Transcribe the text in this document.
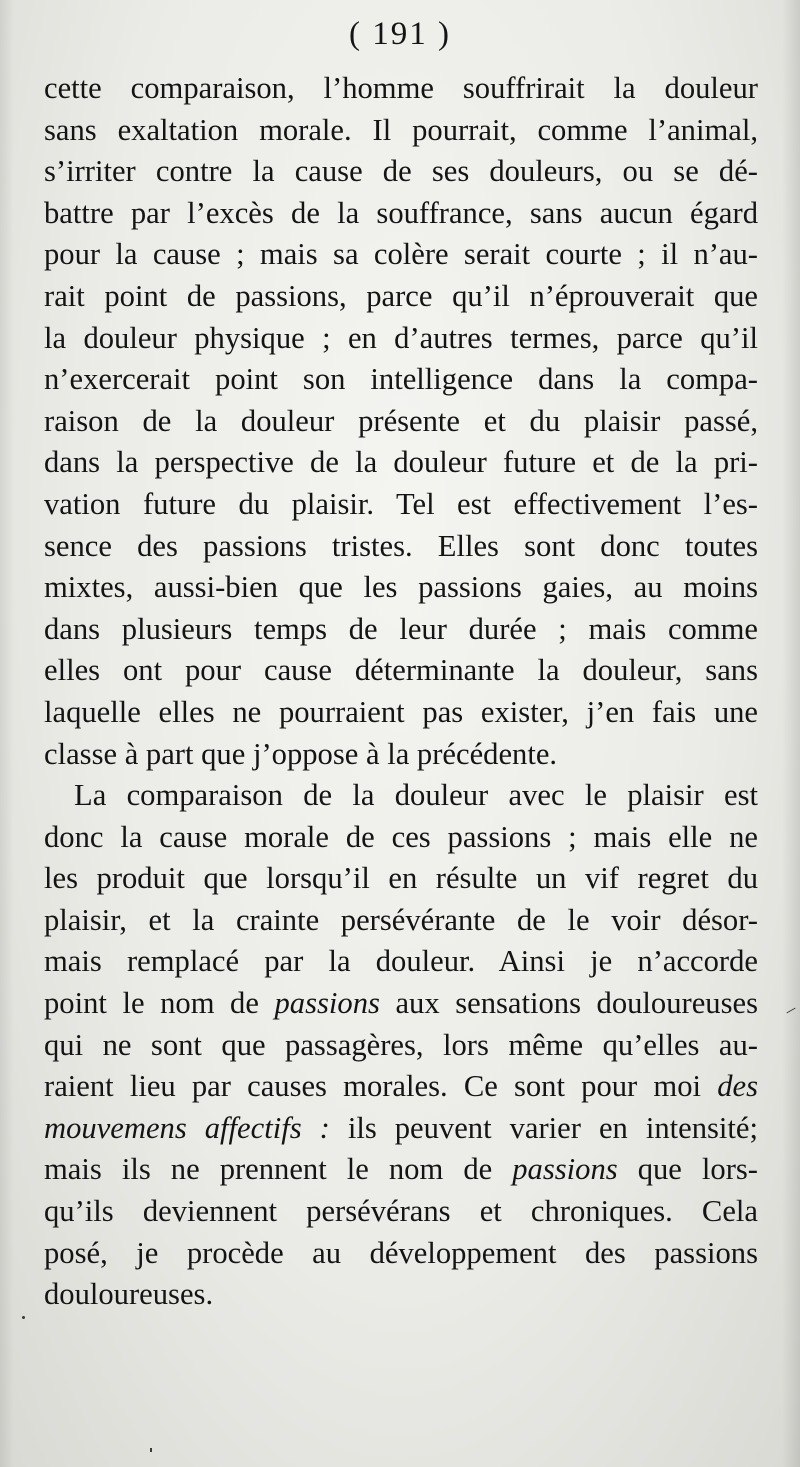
( 191 )
cette comparaison, l’homme souffrirait la douleur
sans exaltation morale. Il pourrait, comme l’animal,
s’irriter contre la cause de ses douleurs, ou se dé-
battre par l’excès de la souffrance, sans aucun égard
pour la cause ; mais sa colère serait courte ; il n’au-
rait point de passions, parce qu’il n’éprouverait que
la douleur physique ; en d’autres termes, parce qu’il
n’exercerait point son intelligence dans la compa-
raison de la douleur présente et du plaisir passé,
dans la perspective de la douleur future et de la pri-
vation future du plaisir. Tel est effectivement l’es-
sence des passions tristes. Elles sont donc toutes
mixtes, aussi-bien que les passions gaies, au moins
dans plusieurs temps de leur durée ; mais comme
elles ont pour cause déterminante la douleur, sans
laquelle elles ne pourraient pas exister, j’en fais une
classe à part que j’oppose à la précédente.
La comparaison de la douleur avec le plaisir est
donc la cause morale de ces passions ; mais elle ne
les produit que lorsqu’il en résulte un vif regret du
plaisir, et la crainte persévérante de le voir désor-
mais remplacé par la douleur. Ainsi je n’accorde
point le nom de passions aux sensations douloureuses
qui ne sont que passagères, lors même qu’elles au-
raient lieu par causes morales. Ce sont pour moi des
mouvemens affectifs : ils peuvent varier en intensité;
mais ils ne prennent le nom de passions que lors-
qu’ils deviennent persévérans et chroniques. Cela
posé, je procède au développement des passions
douloureuses.
